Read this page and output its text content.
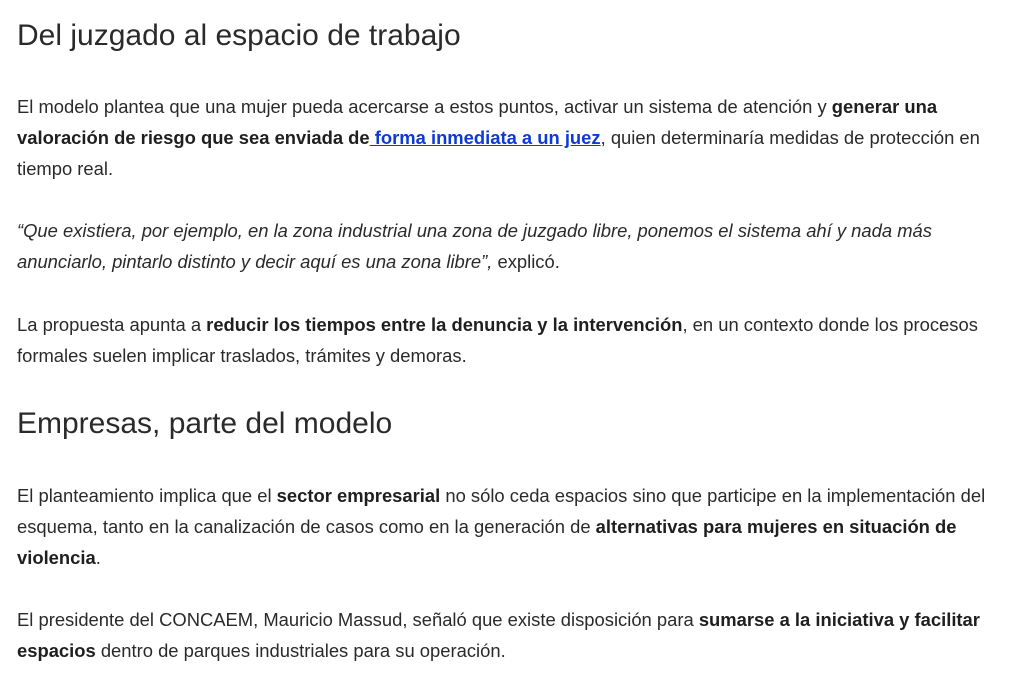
Del juzgado al espacio de trabajo

El modelo plantea que una mujer pueda acercarse a estos puntos, activar un sistema de atención y generar una valoración de riesgo que sea enviada de forma inmediata a un juez, quien determinaría medidas de protección en tiempo real.

“Que existiera, por ejemplo, en la zona industrial una zona de juzgado libre, ponemos el sistema ahí y nada más anunciarlo, pintarlo distinto y decir aquí es una zona libre”, explicó.

La propuesta apunta a reducir los tiempos entre la denuncia y la intervención, en un contexto donde los procesos formales suelen implicar traslados, trámites y demoras.

Empresas, parte del modelo

El planteamiento implica que el sector empresarial no sólo ceda espacios sino que participe en la implementación del esquema, tanto en la canalización de casos como en la generación de alternativas para mujeres en situación de violencia.

El presidente del CONCAEM, Mauricio Massud, señaló que existe disposición para sumarse a la iniciativa y facilitar espacios dentro de parques industriales para su operación.
